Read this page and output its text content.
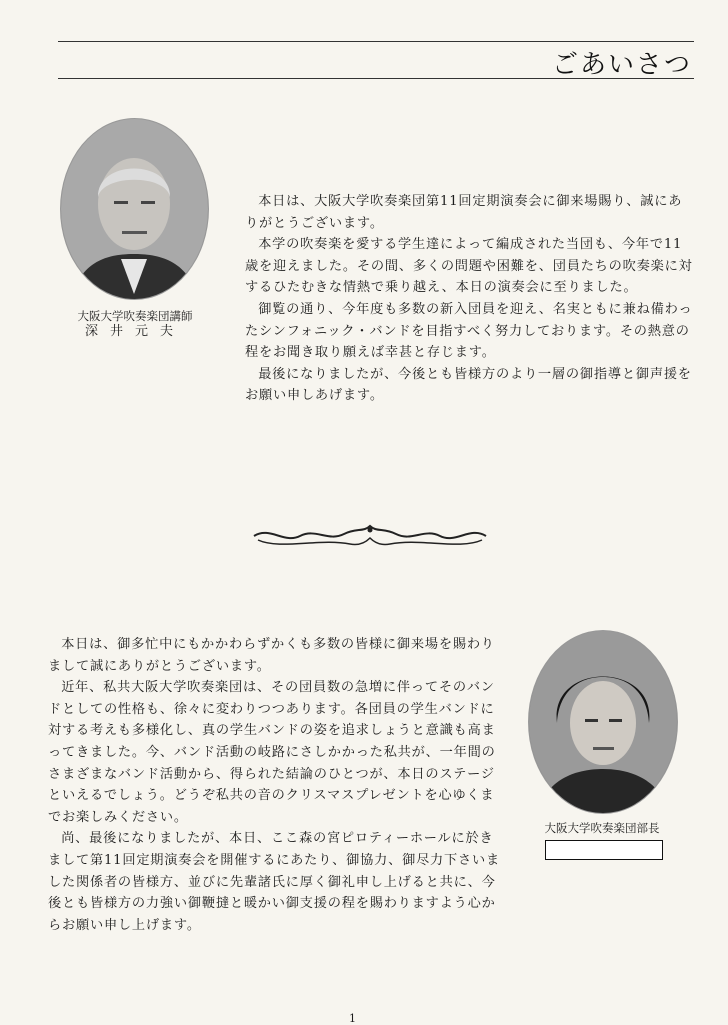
ごあいさつ
大阪大学吹奏楽団講師
深井元夫

本日は、大阪大学吹奏楽団第11回定期演奏会に御来場賜り、誠にありがとうございます。

本学の吹奏楽を愛する学生達によって編成された当団も、今年で11歳を迎えました。その間、多くの問題や困難を、団員たちの吹奏楽に対するひたむきな情熱で乗り越え、本日の演奏会に至りました。

御覧の通り、今年度も多数の新入団員を迎え、名実ともに兼ね備わったシンフォニック・バンドを目指すべく努力しております。その熱意の程をお聞き取り願えば幸甚と存じます。

最後になりましたが、今後とも皆様方のより一層の御指導と御声援をお願い申しあげます。

本日は、御多忙中にもかかわらずかくも多数の皆様に御来場を賜わりまして誠にありがとうございます。

近年、私共大阪大学吹奏楽団は、その団員数の急増に伴ってそのバンドとしての性格も、徐々に変わりつつあります。各団員の学生バンドに対する考えも多様化し、真の学生バンドの姿を追求しょうと意識も高まってきました。今、バンド活動の岐路にさしかかった私共が、一年間のさまざまなバンド活動から、得られた結論のひとつが、本日のステージといえるでしょう。どうぞ私共の音のクリスマスプレゼントを心ゆくまでお楽しみください。

尚、最後になりましたが、本日、ここ森の宮ピロティーホールに於きまして第11回定期演奏会を開催するにあたり、御協力、御尽力下さいました関係者の皆様方、並びに先輩諸氏に厚く御礼申し上げると共に、今後とも皆様方の力強い御鞭撻と暖かい御支援の程を賜わりますよう心からお願い申し上げます。

大阪大学吹奏楽団部長
1
